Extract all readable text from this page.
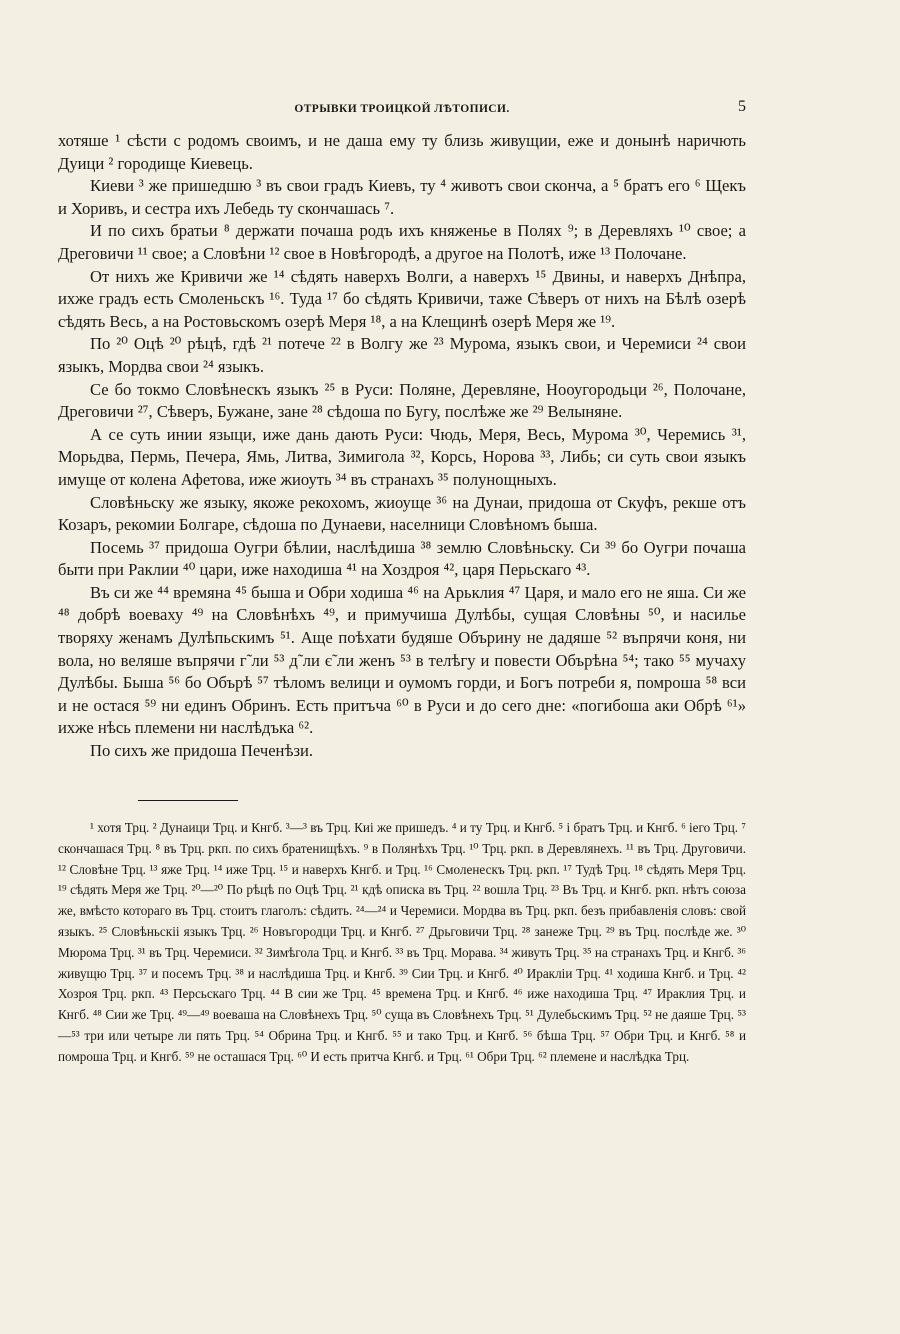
ОТРЫВКИ ТРОИЦКОЙ ЛѢТОПИСИ.	5

хотяше ¹ сѣсти с родомъ своимъ, и не даша ему ту близь живущии, еже и донынѣ наричють Дуици ² городище Киевець.

Киеви ³ же пришедшю ³ въ свои градъ Киевъ, ту ⁴ животъ свои скончa, а ⁵ братъ его ⁶ Щекъ и Хоривъ, и сестра ихъ Лебедь ту скончашась ⁷.

И по сихъ братьи ⁸ держати почаша родъ ихъ княженье в Полях ⁹; в Деревляхъ ¹⁰ свое; а Дреговичи ¹¹ свое; а Словѣни ¹² свое в Новѣгородѣ, а другое на Полотѣ, иже ¹³ Полочане.

От нихъ же Кривичи же ¹⁴ сѣдять наверхъ Волги, а наверхъ ¹⁵ Двины, и наверхъ Днѣпра, ихже градъ есть Смоленьскъ ¹⁶. Туда ¹⁷ бо сѣдять Кривичи, таже Сѣверъ от нихъ на Бѣлѣ озерѣ сѣдять Весь, а на Ростовьскомъ озерѣ Меря ¹⁸, а на Клещинѣ озерѣ Меря же ¹⁹.

По ²⁰ Оцѣ ²⁰ рѣцѣ, гдѣ ²¹ потече ²² в Волгу же ²³ Мурома, языкъ свои, и Черемиси ²⁴ свои языкъ, Мордва свои ²⁴ языкъ.

Се бо токмо Словѣнескъ языкъ ²⁵ в Руси: Поляне, Деревляне, Нооугородьци ²⁶, Полочане, Дреговичи ²⁷, Сѣверъ, Бужане, зане ²⁸ сѣдоша по Бугу, послѣже же ²⁹ Велыняне.

А се суть инии языци, иже дань дають Руси: Чюдь, Меря, Весь, Мурома ³⁰, Черемись ³¹, Морьдва, Пермь, Печера, Ямь, Литва, Зимигола ³², Корсь, Норова ³³, Либь; си суть свои языкъ имуще от колена Афетова, иже жиоуть ³⁴ въ странахъ ³⁵ полунощныхъ.

Словѣньску же языку, якоже рекохомъ, жиоуще ³⁶ на Дунаи, придоша от Скуфъ, рекше отъ Козаръ, рекомии Болгаре, сѣдоша по Дунаеви, населници Словѣномъ быша.

Посемь ³⁷ придоша Оугри бѣлии, наслѣдиша ³⁸ землю Словѣньску. Си ³⁹ бо Оугри почаша быти при Раклии ⁴⁰ цари, иже находиша ⁴¹ на Хоздроя ⁴², царя Перьскаго ⁴³.

Въ си же ⁴⁴ времяна ⁴⁵ быша и Обри ходиша ⁴⁶ на Арьклия ⁴⁷ Царя, и мало его не яша. Си же ⁴⁸ добрѣ воеваху ⁴⁹ на Словѣнѣхъ ⁴⁹, и примучиша Дулѣбы, сущая Словѣны ⁵⁰, и насилье творяху женамъ Дулѣпьскимъ ⁵¹. Аще поѣхати будяше Обърину не дадяше ⁵² въпрячи коня, ни вола, но веляше въпрячи г̃ ли ⁵³ д̃ ли є̃ ли женъ ⁵³ в телѣгу и повести Обърѣна ⁵⁴; тако ⁵⁵ мучаху Дулѣбы. Быша ⁵⁶ бо Обърѣ ⁵⁷ тѣломъ велици и оумомъ горди, и Богъ потреби я, помроша ⁵⁸ вси и не остася ⁵⁹ ни единъ Обринъ. Есть притъча ⁶⁰ в Руси и до сего дне: «погибоша аки Обрѣ ⁶¹» ихже нѣсь племени ни наслѣдъка ⁶².

По сихъ же придоша Печенѣзи.

¹ хотя Трц. ² Дунаици Трц. и Кнгб. ³—³ въ Трц. Киі же пришедъ. ⁴ и ту Трц. и Кнгб. ⁵ і братъ Трц. и Кнгб. ⁶ іего Трц. ⁷ скончашася Трц. ⁸ въ Трц. ркп. по сихъ братенищѣхъ. ⁹ в Полянѣхъ Трц. ¹⁰ Трц. ркп. в Деревлянехъ. ¹¹ въ Трц. Друговичи. ¹² Словѣне Трц. ¹³ яже Трц. ¹⁴ иже Трц. ¹⁵ и наверхъ Кнгб. и Трц. ¹⁶ Смоленескъ Трц. ркп. ¹⁷ Тудѣ Трц. ¹⁸ сѣдять Меря Трц. ¹⁹ сѣдять Меря же Трц. ²⁰—²⁰ По рѣцѣ по Оцѣ Трц. ²¹ кдѣ описка въ Трц. ²² вошла Трц. ²³ Въ Трц. и Кнгб. ркп. нѣтъ союза же, вмѣсто котораго въ Трц. стоитъ глаголъ: сѣдить. ²⁴—²⁴ и Черемиси. Мордва въ Трц. ркп. безъ прибавленія словъ: свой языкъ. ²⁵ Словѣньскіі языкъ Трц. ²⁶ Новъгородци Трц. и Кнгб. ²⁷ Дрьговичи Трц. ²⁸ занеже Трц. ²⁹ въ Трц. послѣде же. ³⁰ Мюрома Трц. ³¹ въ Трц. Черемиси. ³² Зимѣгола Трц. и Кнгб. ³³ въ Трц. Морава. ³⁴ живуть Трц. ³⁵ на странахъ Трц. и Кнгб. ³⁶ живущю Трц. ³⁷ и посемъ Трц. ³⁸ и наслѣдиша Трц. и Кнгб. ³⁹ Сии Трц. и Кнгб. ⁴⁰ Иракліи Трц. ⁴¹ ходиша Кнгб. и Трц. ⁴² Хозроя Трц. ркп. ⁴³ Персьскаго Трц. ⁴⁴ В сии же Трц. ⁴⁵ времена Трц. и Кнгб. ⁴⁶ иже находиша Трц. ⁴⁷ Ираклия Трц. и Кнгб. ⁴⁸ Сии же Трц. ⁴⁹—⁴⁹ воеваша на Словѣнехъ Трц. ⁵⁰ суща въ Словѣнехъ Трц. ⁵¹ Дулебьскимъ Трц. ⁵² не даяше Трц. ⁵³—⁵³ три или четыре ли пять Трц. ⁵⁴ Обрина Трц. и Кнгб. ⁵⁵ и тако Трц. и Кнгб. ⁵⁶ бѣша Трц. ⁵⁷ Обри Трц. и Кнгб. ⁵⁸ и помроша Трц. и Кнгб. ⁵⁹ не осташася Трц. ⁶⁰ И есть притча Кнгб. и Трц. ⁶¹ Обри Трц. ⁶² племене и наслѣдка Трц.
